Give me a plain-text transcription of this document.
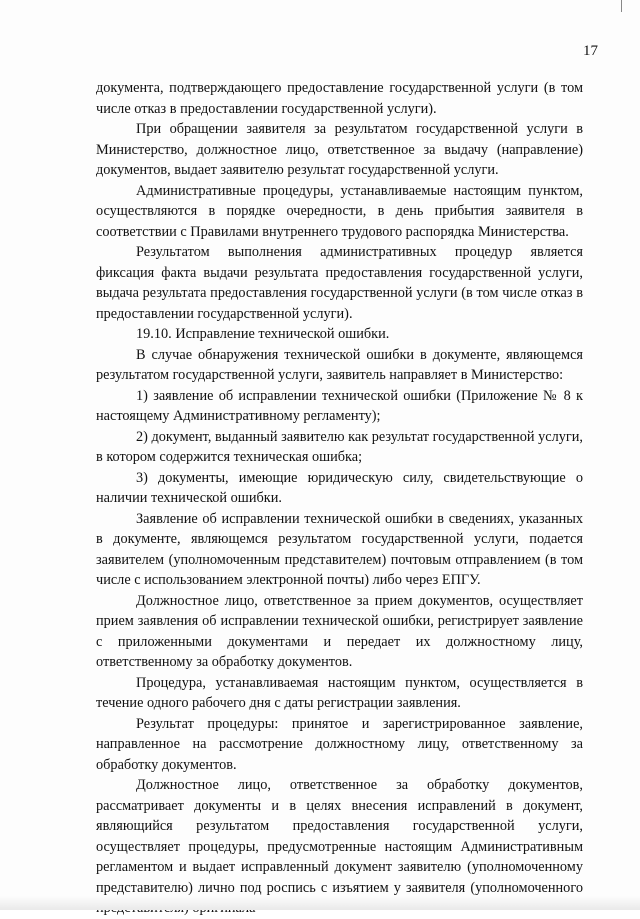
17

документа, подтверждающего предоставление государственной услуги (в том числе отказ в предоставлении государственной услуги).

При обращении заявителя за результатом государственной услуги в Министерство, должностное лицо, ответственное за выдачу (направление) документов, выдает заявителю результат государственной услуги.

Административные процедуры, устанавливаемые настоящим пунктом, осуществляются в порядке очередности, в день прибытия заявителя в соответствии с Правилами внутреннего трудового распорядка Министерства.

Результатом выполнения административных процедур является фиксация факта выдачи результата предоставления государственной услуги, выдача результата предоставления государственной услуги (в том числе отказ в предоставлении государственной услуги).

19.10. Исправление технической ошибки.

В случае обнаружения технической ошибки в документе, являющемся результатом государственной услуги, заявитель направляет в Министерство:

1) заявление об исправлении технической ошибки (Приложение № 8 к настоящему Административному регламенту);

2) документ, выданный заявителю как результат государственной услуги, в котором содержится техническая ошибка;

3) документы, имеющие юридическую силу, свидетельствующие о наличии технической ошибки.

Заявление об исправлении технической ошибки в сведениях, указанных в документе, являющемся результатом государственной услуги, подается заявителем (уполномоченным представителем) почтовым отправлением (в том числе с использованием электронной почты) либо через ЕПГУ.

Должностное лицо, ответственное за прием документов, осуществляет прием заявления об исправлении технической ошибки, регистрирует заявление с приложенными документами и передает их должностному лицу, ответственному за обработку документов.

Процедура, устанавливаемая настоящим пунктом, осуществляется в течение одного рабочего дня с даты регистрации заявления.

Результат процедуры: принятое и зарегистрированное заявление, направленное на рассмотрение должностному лицу, ответственному за обработку документов.

Должностное лицо, ответственное за обработку документов, рассматривает документы и в целях внесения исправлений в документ, являющийся результатом предоставления государственной услуги, осуществляет процедуры, предусмотренные настоящим Административным регламентом и выдает исправленный документ заявителю (уполномоченному представителю) лично под роспись с изъятием у заявителя (уполномоченного
